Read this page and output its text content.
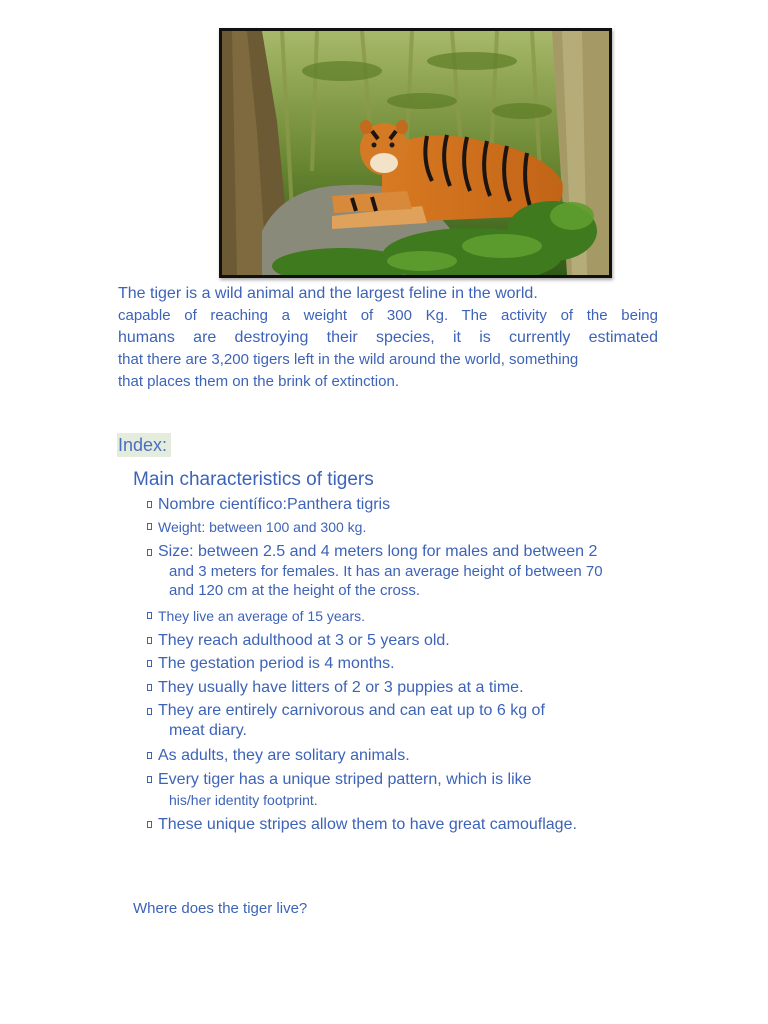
The tiger is a wild animal and the largest feline in the world.
capable of reaching a weight of 300 Kg. The activity of the being
humans are destroying their species, it is currently estimated
that there are 3,200 tigers left in the wild around the world, something
that places them on the brink of extinction.
Index:
Main characteristics of tigers
Nombre científico:Panthera tigris
Weight: between 100 and 300 kg.
Size: between 2.5 and 4 meters long for males and between 2
and 3 meters for females. It has an average height of between 70
and 120 cm at the height of the cross.
They live an average of 15 years.
They reach adulthood at 3 or 5 years old.
The gestation period is 4 months.
They usually have litters of 2 or 3 puppies at a time.
They are entirely carnivorous and can eat up to 6 kg of
meat diary.
As adults, they are solitary animals.
Every tiger has a unique striped pattern, which is like
his/her identity footprint.
These unique stripes allow them to have great camouflage.
Where does the tiger live?
